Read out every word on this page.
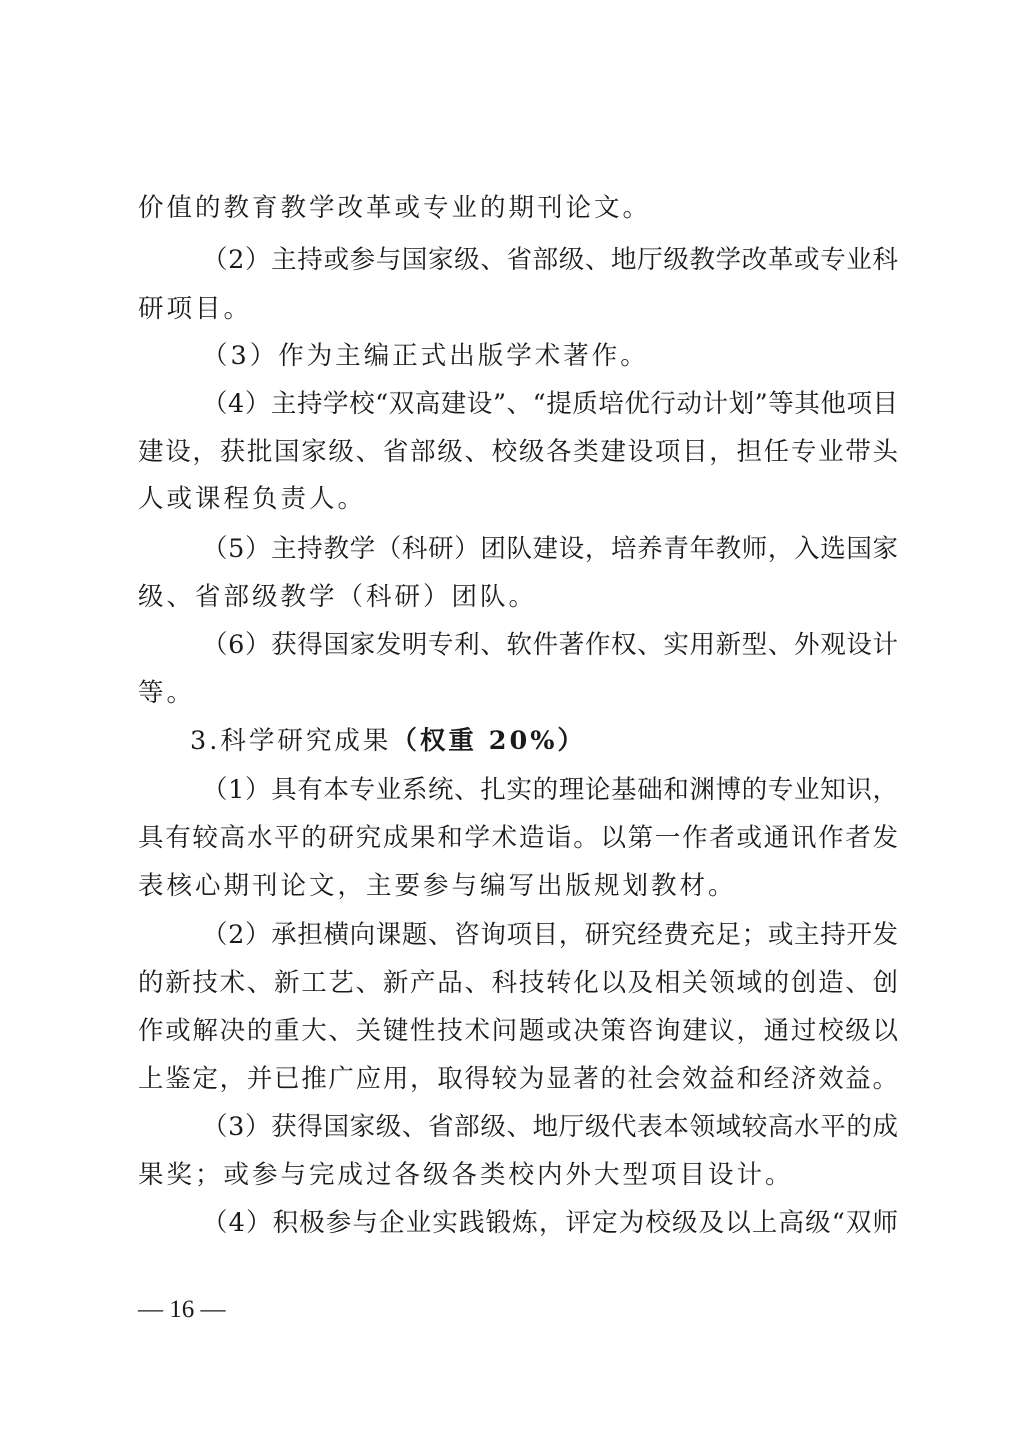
价值的教育教学改革或专业的期刊论文。
（2）主持或参与国家级、省部级、地厅级教学改革或专业科
研项目。
（3）作为主编正式出版学术著作。
（4）主持学校“双高建设”、“提质培优行动计划”等其他项目
建设，获批国家级、省部级、校级各类建设项目，担任专业带头
人或课程负责人。
（5）主持教学（科研）团队建设，培养青年教师，入选国家
级、省部级教学（科研）团队。
（6）获得国家发明专利、软件著作权、实用新型、外观设计
等。
3.科学研究成果（权重 20%）
（1）具有本专业系统、扎实的理论基础和渊博的专业知识，
具有较高水平的研究成果和学术造诣。以第一作者或通讯作者发
表核心期刊论文，主要参与编写出版规划教材。
（2）承担横向课题、咨询项目，研究经费充足；或主持开发
的新技术、新工艺、新产品、科技转化以及相关领域的创造、创
作或解决的重大、关键性技术问题或决策咨询建议，通过校级以
上鉴定，并已推广应用，取得较为显著的社会效益和经济效益。
（3）获得国家级、省部级、地厅级代表本领域较高水平的成
果奖；或参与完成过各级各类校内外大型项目设计。
（4）积极参与企业实践锻炼，评定为校级及以上高级“双师
— 16 —
